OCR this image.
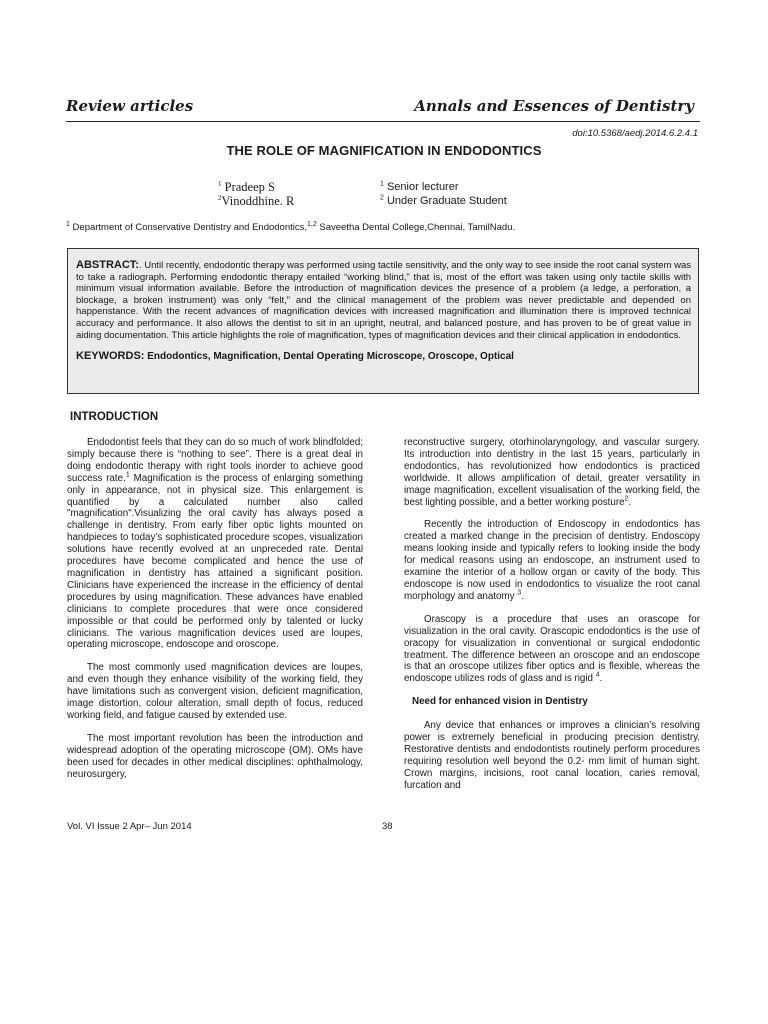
Review articles	Annals and Essences of Dentistry
doi:10.5368/aedj.2014.6.2.4.1
THE ROLE OF MAGNIFICATION IN ENDODONTICS
$^1$ Pradeep S
$^2$Vinoddhine. R
$^1$ Senior lecturer
$^2$ Under Graduate Student
$^1$ Department of Conservative Dentistry and Endodontics,$^{1,2}$ Saveetha Dental College,Chennai, TamilNadu.

ABSTRACT:. Until recently, endodontic therapy was performed using tactile sensitivity, and the only way to see inside the root canal system was to take a radiograph. Performing endodontic therapy entailed “working blind,” that is, most of the effort was taken using only tactile skills with minimum visual information available. Before the introduction of magnification devices the presence of a problem (a ledge, a perforation, a blockage, a broken instrument) was only “felt,” and the clinical management of the problem was never predictable and depended on happenstance. With the recent advances of magnification devices with increased magnification and illumination there is improved technical accuracy and performance. It also allows the dentist to sit in an upright, neutral, and balanced posture, and has proven to be of great value in aiding documentation. This article highlights the role of magnification, types of magnification devices and their clinical application in endodontics.

KEYWORDS: Endodontics, Magnification, Dental Operating Microscope, Oroscope, Optical
INTRODUCTION

Endodontist feels that they can do so much of work blindfolded; simply because there is “nothing to see”. There is a great deal in doing endodontic therapy with right tools inorder to achieve good success rate.$^1$ Magnification is the process of enlarging something only in appearance, not in physical size. This enlargement is quantified by a calculated number also called "magnification".Visualizing the oral cavity has always posed a challenge in dentistry. From early fiber optic lights mounted on handpieces to today’s sophisticated procedure scopes, visualization solutions have recently evolved at an unpreceded rate. Dental procedures have become complicated and hence the use of magnification in dentistry has attained a significant position. Clinicians have experienced the increase in the efficiency of dental procedures by using magnification. These advances have enabled clinicians to complete procedures that were once considered impossible or that could be performed only by talented or lucky clinicians. The various magnification devices used are loupes, operating microscope, endoscope and oroscope.

The most commonly used magnification devices are loupes, and even though they enhance visibility of the working field, they have limitations such as convergent vision, deficient magnification, image distortion, colour alteration, small depth of focus, reduced working field, and fatigue caused by extended use.

The most important revolution has been the introduction and widespread adoption of the operating microscope (OM). OMs have been used for decades in other medical disciplines: ophthalmology, neurosurgery,

reconstructive surgery, otorhinolaryngology, and vascular surgery. Its introduction into dentistry in the last 15 years, particularly in endodontics, has revolutionized how endodontics is practiced worldwide. It allows amplification of detail, greater versatility in image magnification, excellent visualisation of the working field, the best lighting possible, and a better working posture$^2$.

Recently the introduction of Endoscopy in endodontics has created a marked change in the precision of dentistry. Endoscopy means looking inside and typically refers to looking inside the body for medical reasons using an endoscope, an instrument used to examine the interior of a hollow organ or cavity of the body. This endoscope is now used in endodontics to visualize the root canal morphology and anatomy $^3$.

Orascopy is a procedure that uses an orascope for visualization in the oral cavity. Orascopic endodontics is the use of oracopy for visualization in conventional or surgical endodontic treatment. The difference between an oroscope and an endoscope is that an oroscope utilizes fiber optics and is flexible, whereas the endoscope utilizes rods of glass and is rigid $^4$.

Need for enhanced vision in Dentistry

Any device that enhances or improves a clinician’s resolving power is extremely beneficial in producing precision dentistry. Restorative dentists and endodontists routinely perform procedures requiring resolution well beyond the 0.2- mm limit of human sight. Crown margins, incisions, root canal location, caries removal, furcation and

Vol. VI Issue 2 Apr– Jun 2014	38
